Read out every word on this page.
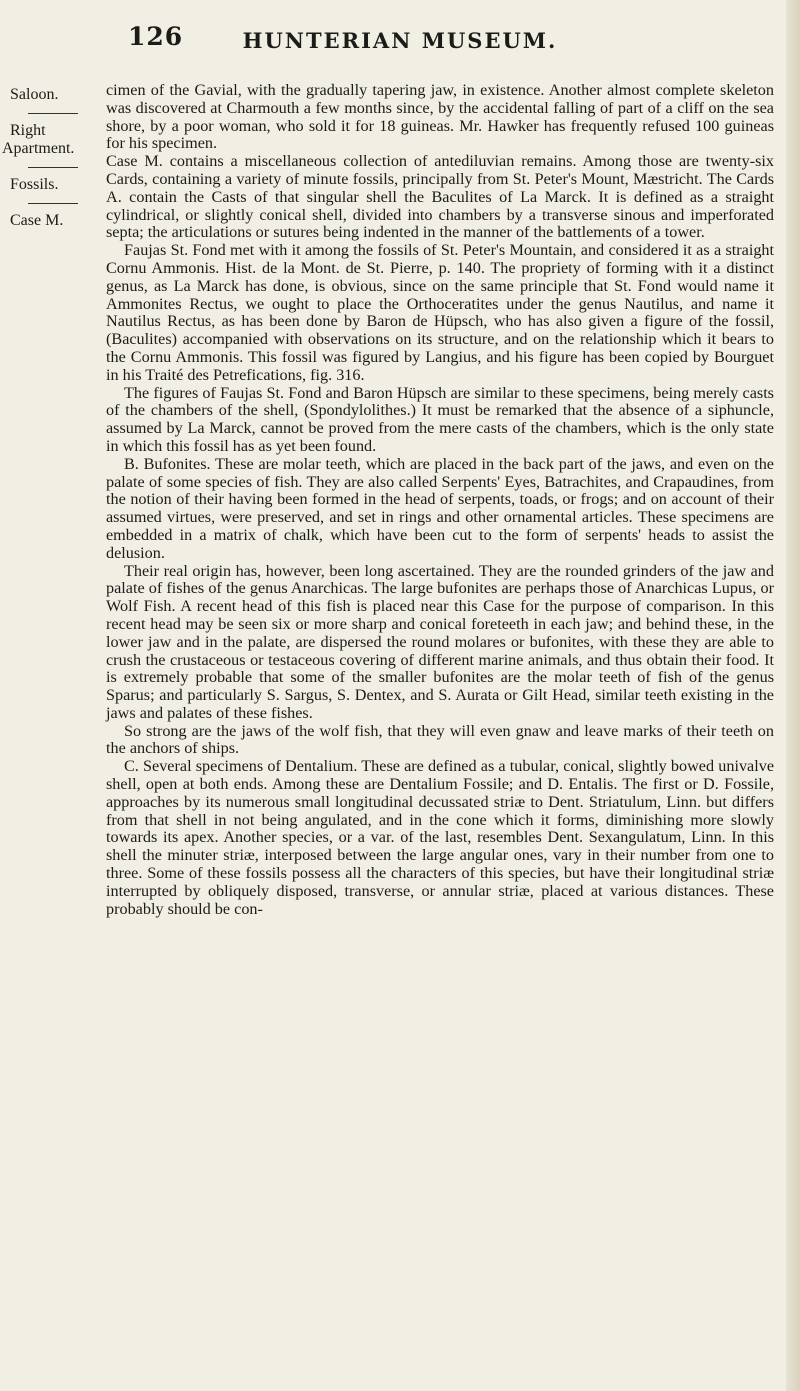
126	HUNTERIAN MUSEUM.
Saloon.
Right
Apartment.
Fossils.
Case M.

cimen of the Gavial, with the gradually tapering jaw, in existence. Another almost complete skeleton was discovered at Charmouth a few months since, by the accidental falling of part of a cliff on the sea shore, by a poor woman, who sold it for 18 guineas. Mr. Hawker has frequently refused 100 guineas for his specimen.

Case M. contains a miscellaneous collection of antediluvian remains. Among those are twenty-six Cards, containing a variety of minute fossils, principally from St. Peter's Mount, Mæstricht. The Cards A. contain the Casts of that singular shell the Baculites of La Marck. It is defined as a straight cylindrical, or slightly conical shell, divided into chambers by a transverse sinous and imperforated septa; the articulations or sutures being indented in the manner of the battlements of a tower.

Faujas St. Fond met with it among the fossils of St. Peter's Mountain, and considered it as a straight Cornu Ammonis. Hist. de la Mont. de St. Pierre, p. 140. The propriety of forming with it a distinct genus, as La Marck has done, is obvious, since on the same principle that St. Fond would name it Ammonites Rectus, we ought to place the Orthoceratites under the genus Nautilus, and name it Nautilus Rectus, as has been done by Baron de Hüpsch, who has also given a figure of the fossil, (Baculites) accompanied with observations on its structure, and on the relationship which it bears to the Cornu Ammonis. This fossil was figured by Langius, and his figure has been copied by Bourguet in his Traité des Petrefications, fig. 316.

The figures of Faujas St. Fond and Baron Hüpsch are similar to these specimens, being merely casts of the chambers of the shell, (Spondylolithes.) It must be remarked that the absence of a siphuncle, assumed by La Marck, cannot be proved from the mere casts of the chambers, which is the only state in which this fossil has as yet been found.

B. Bufonites. These are molar teeth, which are placed in the back part of the jaws, and even on the palate of some species of fish. They are also called Serpents' Eyes, Batrachites, and Crapaudines, from the notion of their having been formed in the head of serpents, toads, or frogs; and on account of their assumed virtues, were preserved, and set in rings and other ornamental articles. These specimens are embedded in a matrix of chalk, which have been cut to the form of serpents' heads to assist the delusion.

Their real origin has, however, been long ascertained. They are the rounded grinders of the jaw and palate of fishes of the genus Anarchicas. The large bufonites are perhaps those of Anarchicas Lupus, or Wolf Fish. A recent head of this fish is placed near this Case for the purpose of comparison. In this recent head may be seen six or more sharp and conical foreteeth in each jaw; and behind these, in the lower jaw and in the palate, are dispersed the round molares or bufonites, with these they are able to crush the crustaceous or testaceous covering of different marine animals, and thus obtain their food. It is extremely probable that some of the smaller bufonites are the molar teeth of fish of the genus Sparus; and particularly S. Sargus, S. Dentex, and S. Aurata or Gilt Head, similar teeth existing in the jaws and palates of these fishes.

So strong are the jaws of the wolf fish, that they will even gnaw and leave marks of their teeth on the anchors of ships.

C. Several specimens of Dentalium. These are defined as a tubular, conical, slightly bowed univalve shell, open at both ends. Among these are Dentalium Fossile; and D. Entalis. The first or D. Fossile, approaches by its numerous small longitudinal decussated striæ to Dent. Striatulum, Linn. but differs from that shell in not being angulated, and in the cone which it forms, diminishing more slowly towards its apex. Another species, or a var. of the last, resembles Dent. Sexangulatum, Linn. In this shell the minuter striæ, interposed between the large angular ones, vary in their number from one to three. Some of these fossils possess all the characters of this species, but have their longitudinal striæ interrupted by obliquely disposed, transverse, or annular striæ, placed at various distances. These probably should be con-
